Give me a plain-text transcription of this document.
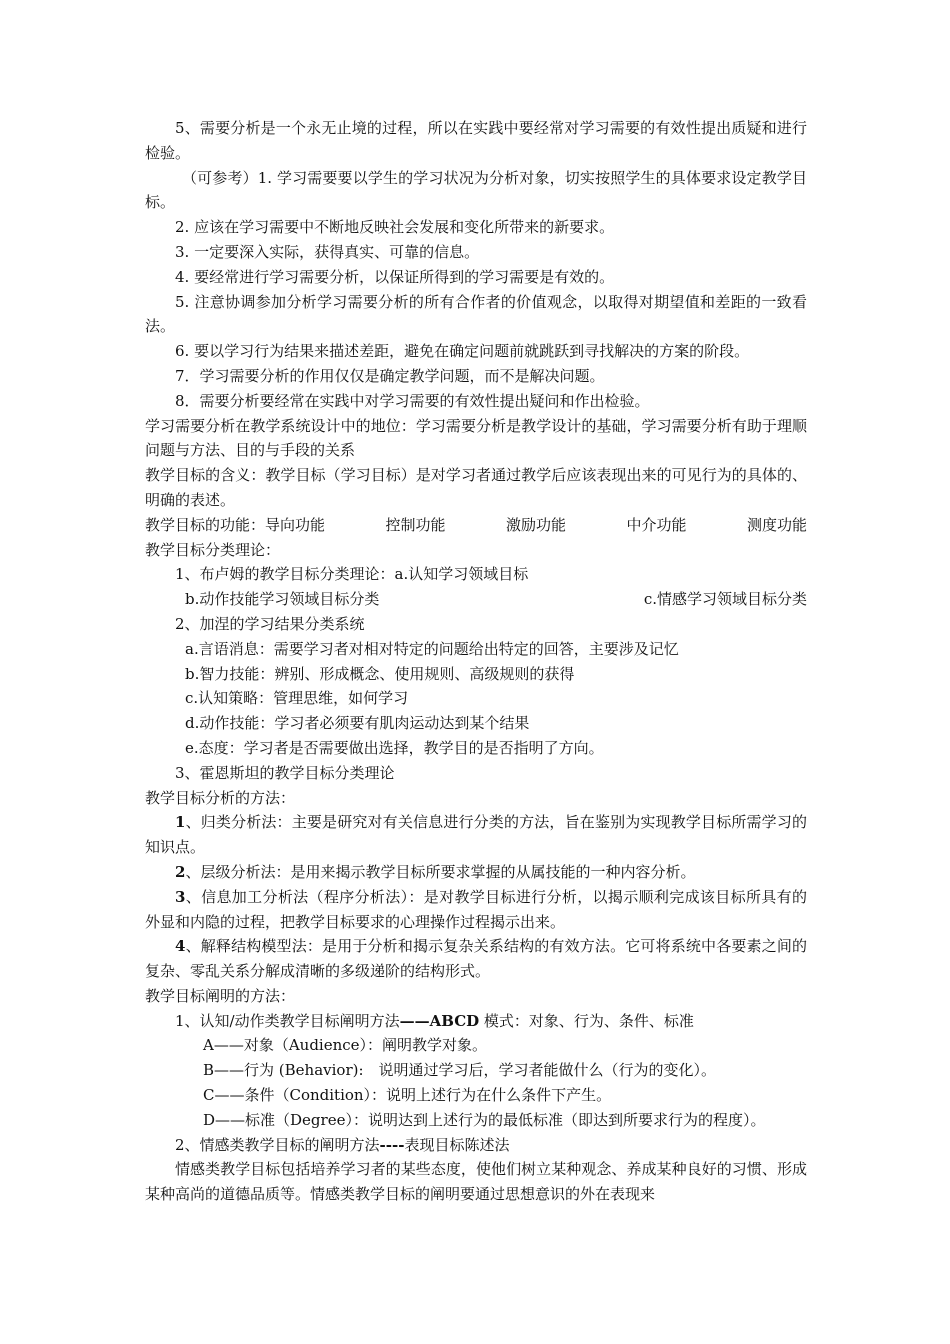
5、需要分析是一个永无止境的过程，所以在实践中要经常对学习需要的有效性提出质疑和进行检验。

（可参考）1. 学习需要要以学生的学习状况为分析对象，切实按照学生的具体要求设定教学目标。

2. 应该在学习需要中不断地反映社会发展和变化所带来的新要求。

3. 一定要深入实际，获得真实、可靠的信息。

4. 要经常进行学习需要分析，以保证所得到的学习需要是有效的。

5. 注意协调参加分析学习需要分析的所有合作者的价值观念，以取得对期望值和差距的一致看法。

6. 要以学习行为结果来描述差距，避免在确定问题前就跳跃到寻找解决的方案的阶段。

7．学习需要分析的作用仅仅是确定教学问题，而不是解决问题。

8．需要分析要经常在实践中对学习需要的有效性提出疑问和作出检验。

学习需要分析在教学系统设计中的地位：学习需要分析是教学设计的基础，学习需要分析有助于理顺问题与方法、目的与手段的关系

教学目标的含义：教学目标（学习目标）是对学习者通过教学后应该表现出来的可见行为的具体的、明确的表述。

教学目标的功能：导向功能	控制功能	激励功能	中介功能	测度功能

教学目标分类理论：

1、布卢姆的教学目标分类理论：a.认知学习领域目标

b.动作技能学习领域目标分类	c.情感学习领域目标分类

2、加涅的学习结果分类系统

a.言语消息：需要学习者对相对特定的问题给出特定的回答，主要涉及记忆

b.智力技能：辨别、形成概念、使用规则、高级规则的获得

c.认知策略：管理思维，如何学习

d.动作技能：学习者必须要有肌肉运动达到某个结果

e.态度：学习者是否需要做出选择，教学目的是否指明了方向。

3、霍恩斯坦的教学目标分类理论

教学目标分析的方法：

1、归类分析法：主要是研究对有关信息进行分类的方法，旨在鉴别为实现教学目标所需学习的知识点。

2、层级分析法：是用来揭示教学目标所要求掌握的从属技能的一种内容分析。

3、信息加工分析法（程序分析法）：是对教学目标进行分析，以揭示顺利完成该目标所具有的外显和内隐的过程，把教学目标要求的心理操作过程揭示出来。

4、解释结构模型法：是用于分析和揭示复杂关系结构的有效方法。它可将系统中各要素之间的复杂、零乱关系分解成清晰的多级递阶的结构形式。

教学目标阐明的方法：

1、认知/动作类教学目标阐明方法——ABCD 模式：对象、行为、条件、标准

A——对象（Audience）：阐明教学对象。

B——行为 (Behavior):　说明通过学习后，学习者能做什么（行为的变化）。

C——条件（Condition）：说明上述行为在什么条件下产生。

D——标准（Degree）：说明达到上述行为的最低标准（即达到所要求行为的程度）。

2、情感类教学目标的阐明方法----表现目标陈述法

情感类教学目标包括培养学习者的某些态度，使他们树立某种观念、养成某种良好的习惯、形成某种高尚的道德品质等。情感类教学目标的阐明要通过思想意识的外在表现来
